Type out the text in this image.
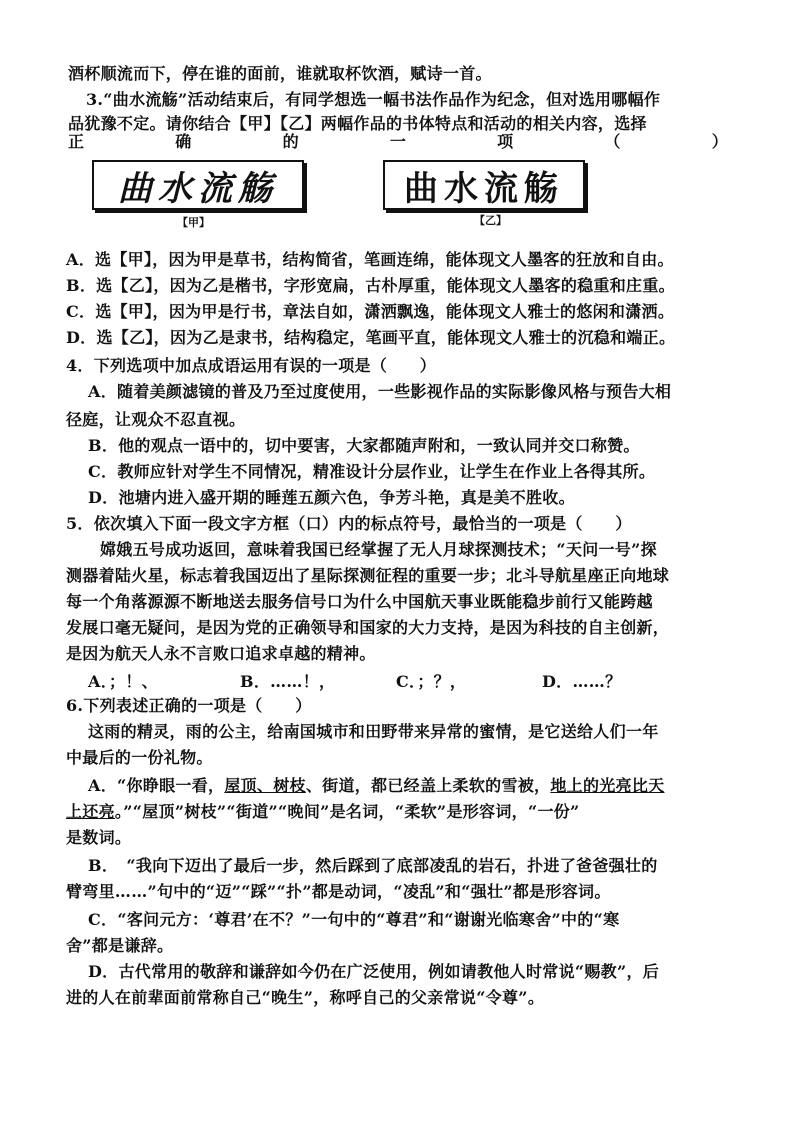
酒杯顺流而下，停在谁的面前，谁就取杯饮酒，赋诗一首。
3.“曲水流觞”活动结束后，有同学想选一幅书法作品作为纪念，但对选用哪幅作
品犹豫不定。请你结合【甲】【乙】两幅作品的书体特点和活动的相关内容，选择
正	确	的	一	项	（	）
曲水流觞
【甲】
曲水流觞
【乙】
A．选【甲】，因为甲是草书，结构简省，笔画连绵，能体现文人墨客的狂放和自由。
B．选【乙】，因为乙是楷书，字形宽扁，古朴厚重，能体现文人墨客的稳重和庄重。
C．选【甲】，因为甲是行书，章法自如，潇洒飘逸，能体现文人雅士的悠闲和潇洒。
D．选【乙】，因为乙是隶书，结构稳定，笔画平直，能体现文人雅士的沉稳和端正。
4．下列选项中加点成语运用有误的一项是（　　）
A．随着美颜滤镜的普及乃至过度使用，一些影视作品的实际影像风格与预告大相
径庭，让观众不忍直视。
B．他的观点一语中的，切中要害，大家都随声附和，一致认同并交口称赞。
C．教师应针对学生不同情况，精准设计分层作业，让学生在作业上各得其所。
D．池塘内进入盛开期的睡莲五颜六色，争芳斗艳，真是美不胜收。
5．依次填入下面一段文字方框（口）内的标点符号，最恰当的一项是（　　）
嫦娥五号成功返回，意味着我国已经掌握了无人月球探测技术；“天问一号”探
测器着陆火星，标志着我国迈出了星际探测征程的重要一步；北斗导航星座正向地球
每一个角落源源不断地送去服务信号口为什么中国航天事业既能稳步前行又能跨越
发展口毫无疑问，是因为党的正确领导和国家的大力支持，是因为科技的自主创新，
是因为航天人永不言败口追求卓越的精神。
A．；！、	B．……！，	C．；？，	D．……？
6.下列表述正确的一项是（　　）
这雨的精灵，雨的公主，给南国城市和田野带来异常的蜜情，是它送给人们一年
中最后的一份礼物。
A．“你睁眼一看，屋顶、树枝、街道，都已经盖上柔软的雪被，地上的光亮比天
上还亮。”“屋顶”树枝”“街道”“晚间”是名词，“柔软”是形容词，“一份”
是数词。
B．　“我向下迈出了最后一步，然后踩到了底部凌乱的岩石，扑进了爸爸强壮的
臂弯里……”句中的“迈”“踩”“扑”都是动词，“凌乱”和“强壮”都是形容词。
C．“客问元方：‘尊君’在不？”一句中的“尊君”和“谢谢光临寒舍”中的“寒
舍”都是谦辞。
D．古代常用的敬辞和谦辞如今仍在广泛使用，例如请教他人时常说“赐教”，后
进的人在前辈面前常称自己“晚生”，称呼自己的父亲常说“令尊”。
